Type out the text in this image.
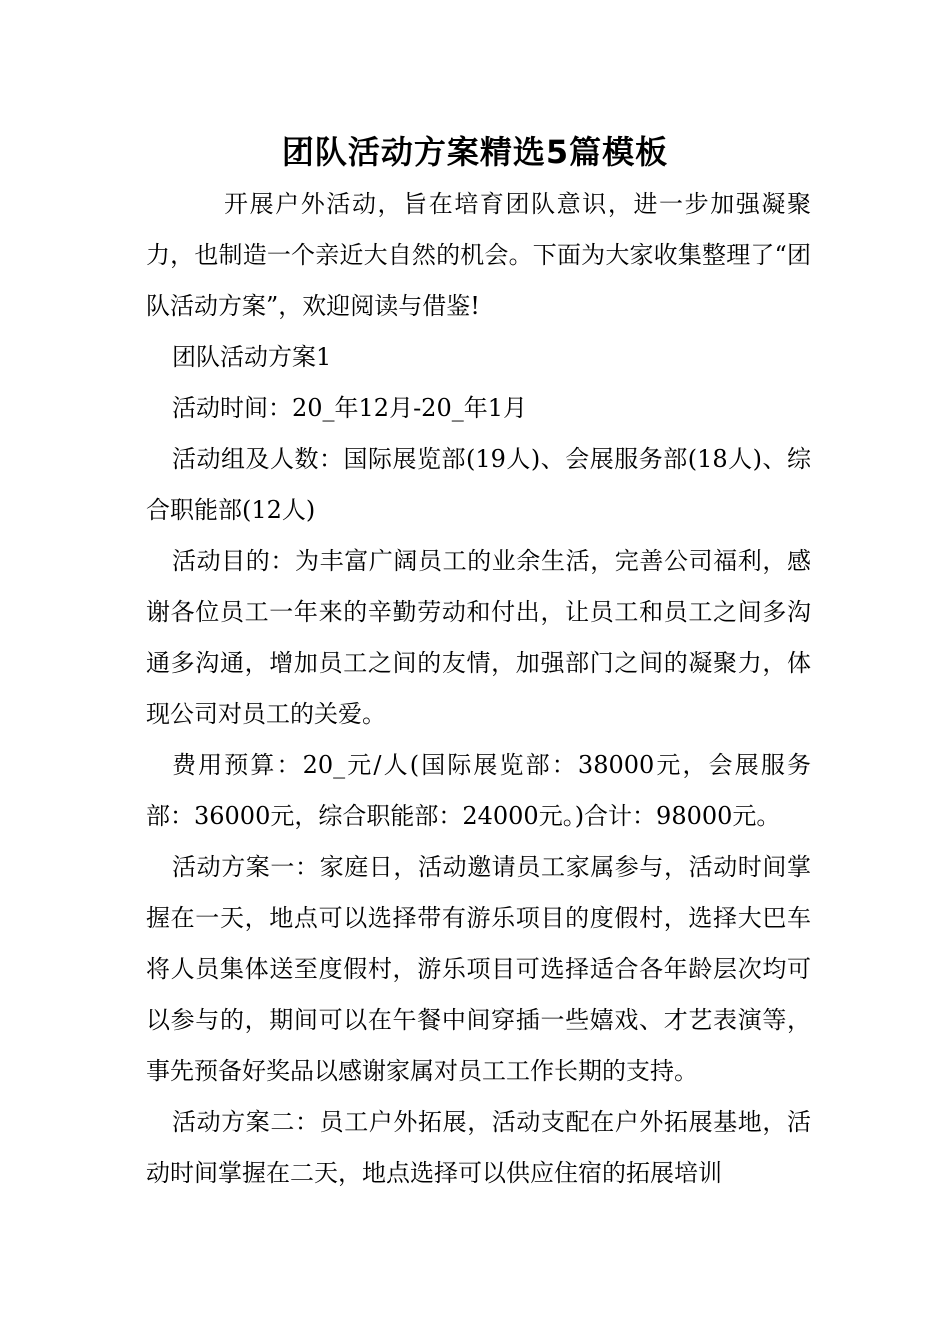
团队活动方案精选5篇模板

开展户外活动，旨在培育团队意识，进一步加强凝聚力，也制造一个亲近大自然的机会。下面为大家收集整理了“团队活动方案”，欢迎阅读与借鉴!

团队活动方案1

活动时间：20_年12月-20_年1月

活动组及人数：国际展览部(19人)、会展服务部(18人)、综合职能部(12人)

活动目的：为丰富广阔员工的业余生活，完善公司福利，感谢各位员工一年来的辛勤劳动和付出，让员工和员工之间多沟通多沟通，增加员工之间的友情，加强部门之间的凝聚力，体现公司对员工的关爱。

费用预算：20_元/人(国际展览部：38000元，会展服务部：36000元，综合职能部：24000元。)合计：98000元。

活动方案一：家庭日，活动邀请员工家属参与，活动时间掌握在一天，地点可以选择带有游乐项目的度假村，选择大巴车将人员集体送至度假村，游乐项目可选择适合各年龄层次均可以参与的，期间可以在午餐中间穿插一些嬉戏、才艺表演等，事先预备好奖品以感谢家属对员工工作长期的支持。

活动方案二：员工户外拓展，活动支配在户外拓展基地，活动时间掌握在二天，地点选择可以供应住宿的拓展培训
